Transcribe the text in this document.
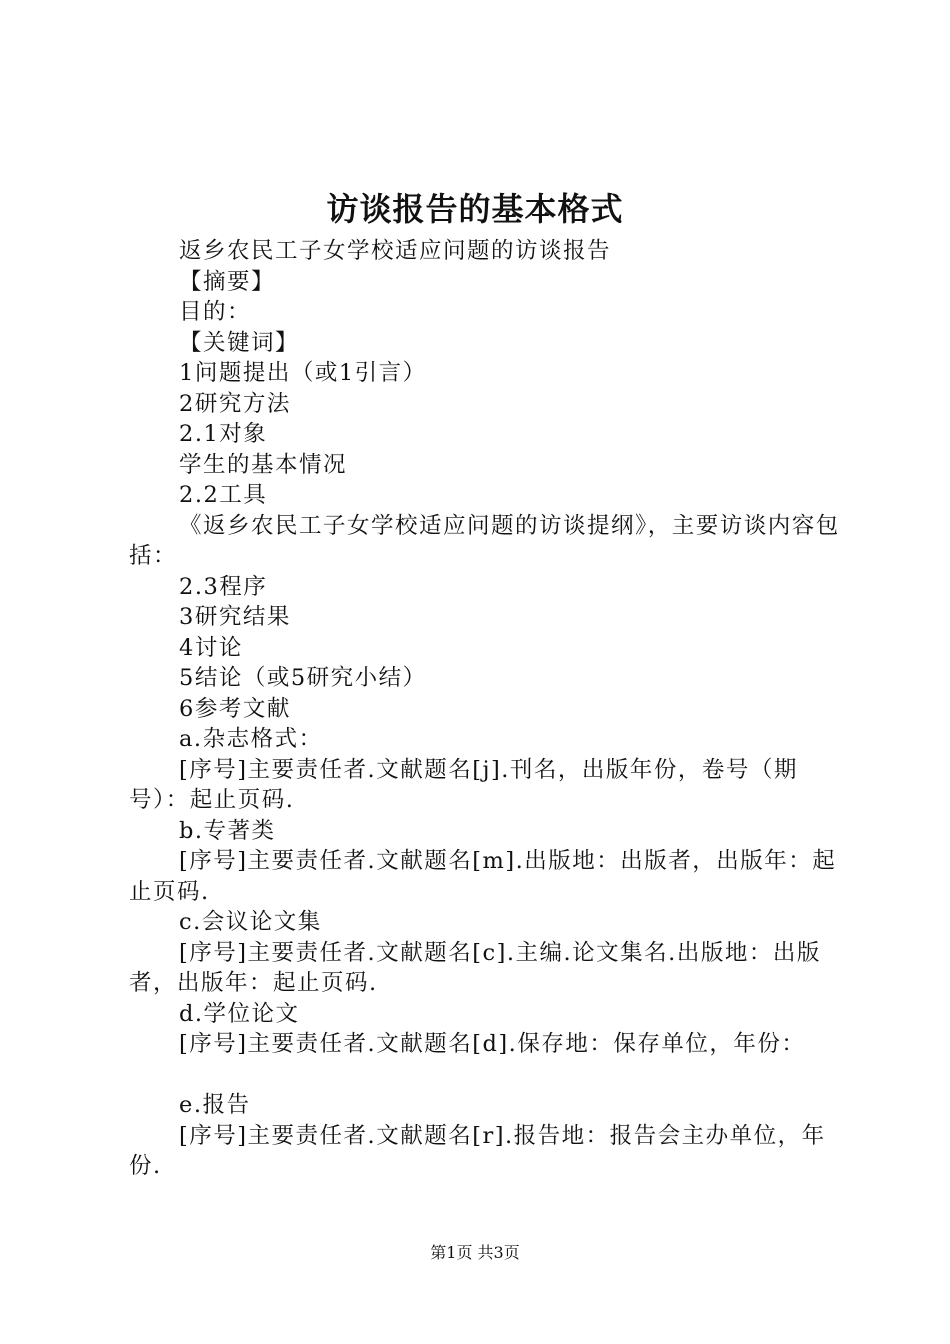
访谈报告的基本格式

返乡农民工子女学校适应问题的访谈报告

【摘要】

目的：

【关键词】

1问题提出（或1引言）

2研究方法

2.1对象

学生的基本情况

2.2工具

《返乡农民工子女学校适应问题的访谈提纲》，主要访谈内容包括：

2.3程序

3研究结果

4讨论

5结论（或5研究小结）

6参考文献

a.杂志格式：

[序号]主要责任者.文献题名[j].刊名，出版年份，卷号（期号）：起止页码.

b.专著类

[序号]主要责任者.文献题名[m].出版地：出版者，出版年：起止页码.

c.会议论文集

[序号]主要责任者.文献题名[c].主编.论文集名.出版地：出版者，出版年：起止页码.

d.学位论文

[序号]主要责任者.文献题名[d].保存地：保存单位，年份：

e.报告

[序号]主要责任者.文献题名[r].报告地：报告会主办单位，年份.

第1页 共3页
